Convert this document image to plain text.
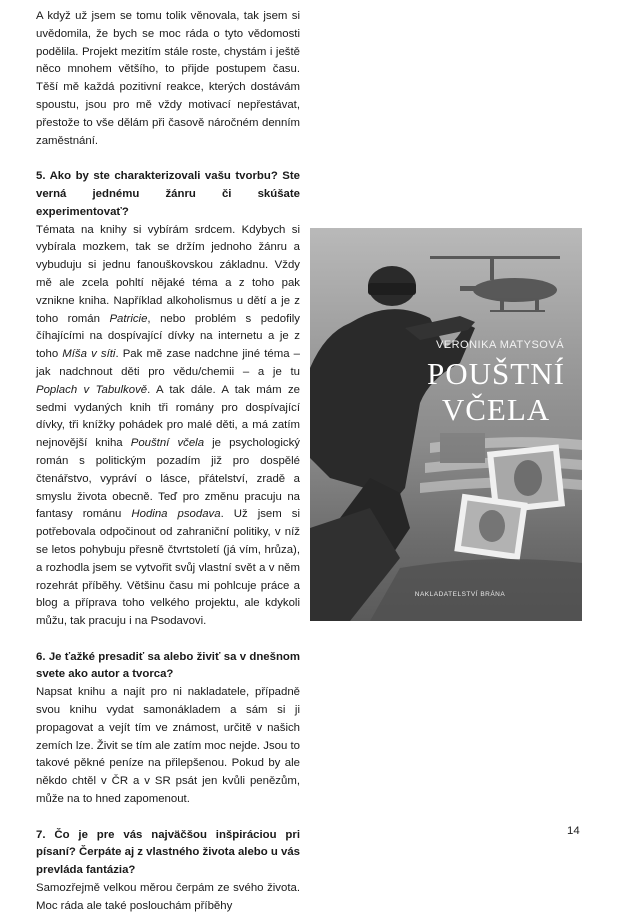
A když už jsem se tomu tolik věnovala, tak jsem si uvědomila, že bych se moc ráda o tyto vědomosti podělila. Projekt mezitím stále roste, chystám i ještě něco mnohem většího, to přijde postupem času. Těší mě každá pozitivní reakce, kterých dostávám spoustu, jsou pro mě vždy motivací nepřestávat, přestože to vše dělám při časově náročném denním zaměstnání.

5. Ako by ste charakterizovali vašu tvorbu? Ste verná jednému žánru či skúšate experimentovať?

Témata na knihy si vybírám srdcem. Kdybych si vybírala mozkem, tak se držím jednoho žánru a vybuduju si jednu fanouškovskou základnu. Vždy mě ale zcela pohltí nějaké téma a z toho pak vznikne kniha. Například alkoholismus u dětí a je z toho román Patricie, nebo problém s pedofily číhajícími na dospívající dívky na internetu a je z toho Míša v síti. Pak mě zase nadchne jiné téma – jak nadchnout děti pro vědu/chemii – a je tu Poplach v Tabulkově. A tak dále. A tak mám ze sedmi vydaných knih tři romány pro dospívající dívky, tři knížky pohádek pro malé děti, a má zatím nejnovější kniha Pouštní včela je psychologický román s politickým pozadím již pro dospělé čtenářstvo, vypráví o lásce, přátelství, zradě a smyslu života obecně. Teď pro změnu pracuju na fantasy románu Hodina psodava. Už jsem si potřebovala odpočinout od zahraniční politiky, v níž se letos pohybuju přesně čtvrtstoletí (já vím, hrůza), a rozhodla jsem se vytvořit svůj vlastní svět a v něm rozehrát příběhy. Většinu času mi pohlcuje práce a blog a příprava toho velkého projektu, ale kdykoli můžu, tak pracuju i na Psodavovi.

6. Je ťažké presadiť sa alebo živiť sa v dnešnom svete ako autor a tvorca?

Napsat knihu a najít pro ni nakladatele, případně svou knihu vydat samonákladem a sám si ji propagovat a vejít tím ve známost, určitě v našich zemích lze. Živit se tím ale zatím moc nejde. Jsou to takové pěkné peníze na přilepšenou. Pokud by ale někdo chtěl v ČR a v SR psát jen kvůli penězům, může na to hned zapomenout.

7. Čo je pre vás najväčšou inšpiráciou pri písaní? Čerpáte aj z vlastného života alebo u vás prevláda fantázia?

Samozřejmě velkou měrou čerpám ze svého života. Moc ráda ale také poslouchám příběhy

VERONIKA MATYSOVÁ
POUŠTNÍ
VČELA
NAKLADATELSTVÍ BRÁNA
14
